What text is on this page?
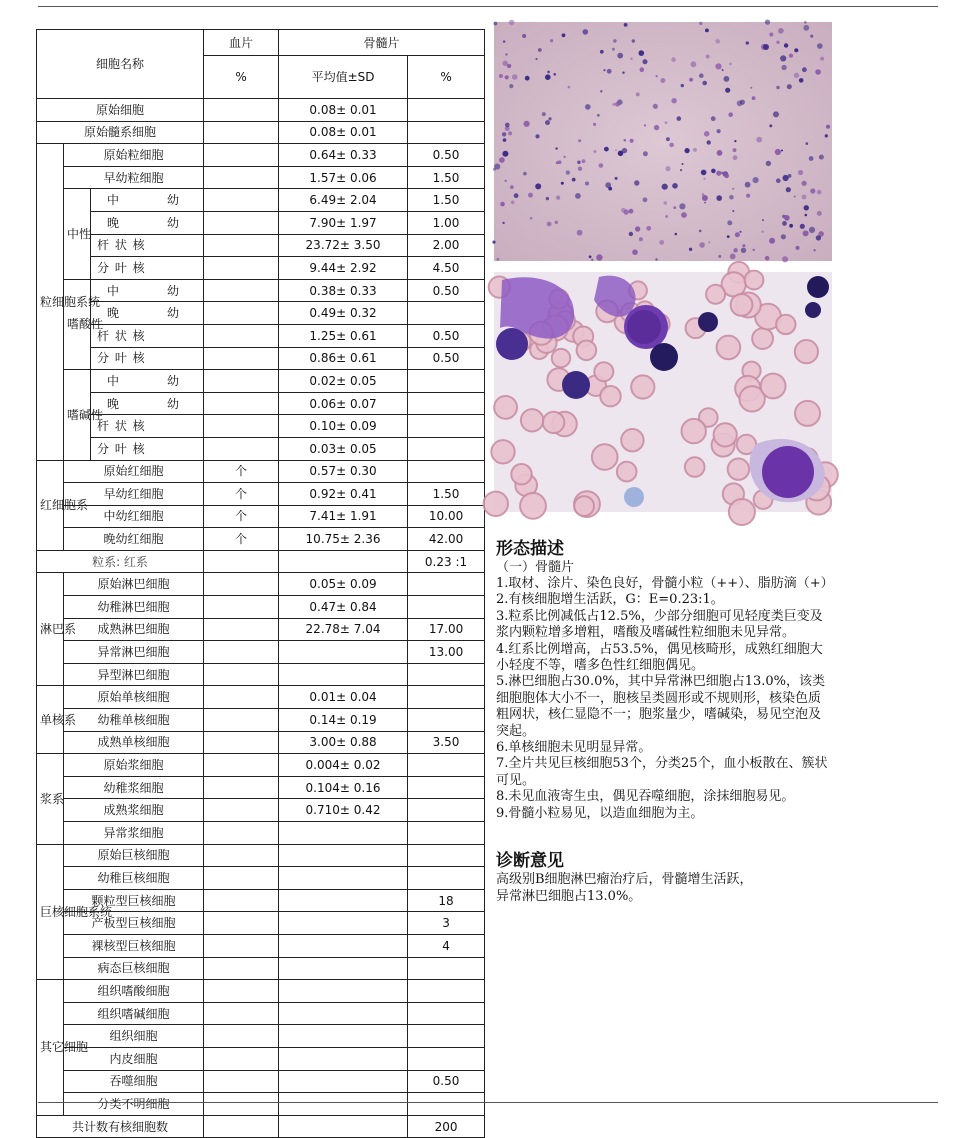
细胞名称			血片	骨髓片	
			%	平均值±SD	%
原始细胞				0.08± 0.01	
原始髓系细胞				0.08± 0.01	
粒细胞系统	原始粒细胞			0.64± 0.33	0.50
	早幼粒细胞			1.57± 0.06	1.50
	中性	中 幼		6.49± 2.04	1.50
		晚 幼		7.90± 1.97	1.00
		杆 状 核		23.72± 3.50	2.00
		分 叶 核		9.44± 2.92	4.50
	嗜酸性	中 幼		0.38± 0.33	0.50
		晚 幼		0.49± 0.32	
		杆 状 核		1.25± 0.61	0.50
		分 叶 核		0.86± 0.61	0.50
	嗜碱性	中 幼		0.02± 0.05	
		晚 幼		0.06± 0.07	
		杆 状 核		0.10± 0.09	
		分 叶 核		0.03± 0.05	
红细胞系	原始红细胞		个	0.57± 0.30	
	早幼红细胞		个	0.92± 0.41	1.50
	中幼红细胞		个	7.41± 1.91	10.00
	晚幼红细胞		个	10.75± 2.36	42.00
粒系: 红系					0.23 :1
淋巴系	原始淋巴细胞			0.05± 0.09	
	幼稚淋巴细胞			0.47± 0.84	
	成熟淋巴细胞			22.78± 7.04	17.00
	异常淋巴细胞				13.00
	异型淋巴细胞				
单核系	原始单核细胞			0.01± 0.04	
	幼稚单核细胞			0.14± 0.19	
	成熟单核细胞			3.00± 0.88	3.50
浆系	原始浆细胞			0.004± 0.02	
	幼稚浆细胞			0.104± 0.16	
	成熟浆细胞			0.710± 0.42	
	异常浆细胞				
巨核细胞系统	原始巨核细胞				
	幼稚巨核细胞				
	颗粒型巨核细胞				18
	产板型巨核细胞				3
	裸核型巨核细胞				4
	病态巨核细胞				
其它细胞	组织嗜酸细胞				
	组织嗜碱细胞				
	组织细胞				
	内皮细胞				
	吞噬细胞				0.50
	分类不明细胞				
共计数有核细胞数					200
形态描述

（一）骨髓片

1.取材、涂片、染色良好，骨髓小粒（++）、脂肪滴（+）

2.有核细胞增生活跃，G：E=0.23:1。

3.粒系比例减低占12.5%，少部分细胞可见轻度类巨变及

浆内颗粒增多增粗，嗜酸及嗜碱性粒细胞未见异常。

4.红系比例增高，占53.5%，偶见核畸形，成熟红细胞大

小轻度不等，嗜多色性红细胞偶见。

5.淋巴细胞占30.0%，其中异常淋巴细胞占13.0%，该类

细胞胞体大小不一，胞核呈类圆形或不规则形，核染色质

粗网状，核仁显隐不一；胞浆量少，嗜碱染，易见空泡及

突起。

6.单核细胞未见明显异常。

7.全片共见巨核细胞53个，分类25个，血小板散在、簇状

可见。

8.未见血液寄生虫，偶见吞噬细胞，涂抹细胞易见。

9.骨髓小粒易见，以造血细胞为主。

诊断意见

高级别B细胞淋巴瘤治疗后，骨髓增生活跃，

异常淋巴细胞占13.0%。
